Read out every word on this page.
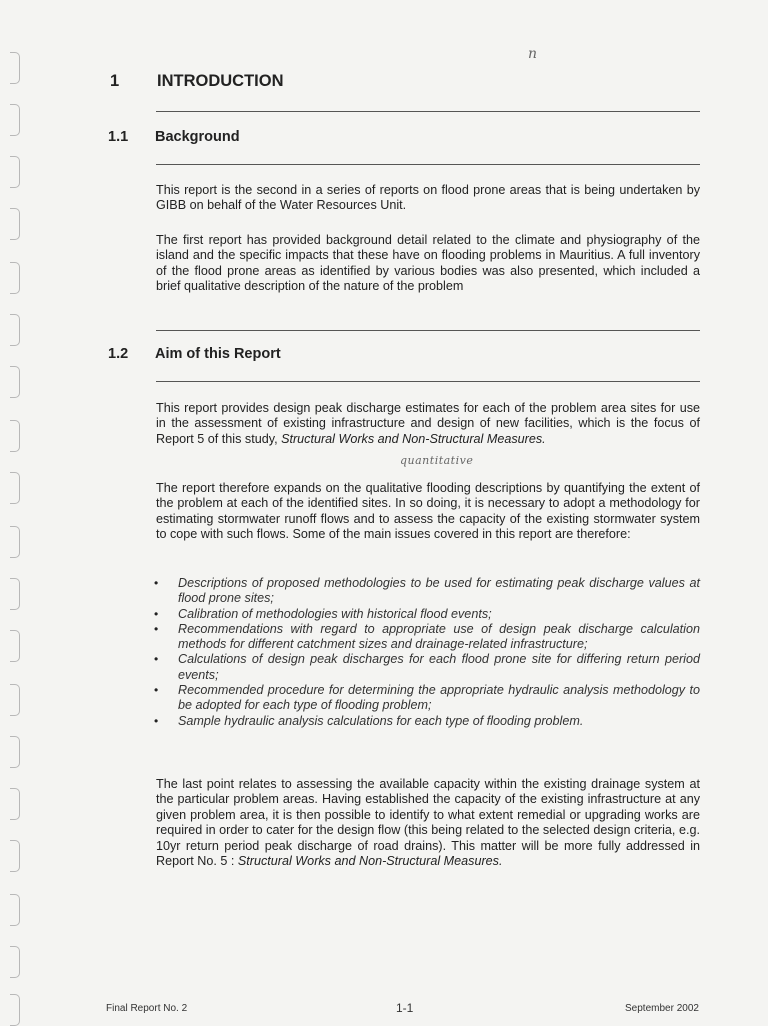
n
1 INTRODUCTION
1.1 Background

This report is the second in a series of reports on flood prone areas that is being undertaken by GIBB on behalf of the Water Resources Unit.

The first report has provided background detail related to the climate and physiography of the island and the specific impacts that these have on flooding problems in Mauritius. A full inventory of the flood prone areas as identified by various bodies was also presented, which included a brief qualitative description of the nature of the problem

1.2 Aim of this Report

This report provides design peak discharge estimates for each of the problem area sites for use in the assessment of existing infrastructure and design of new facilities, which is the focus of Report 5 of this study, Structural Works and Non-Structural Measures.

quantitative

The report therefore expands on the qualitative flooding descriptions by quantifying the extent of the problem at each of the identified sites. In so doing, it is necessary to adopt a methodology for estimating stormwater runoff flows and to assess the capacity of the existing stormwater system to cope with such flows. Some of the main issues covered in this report are therefore:

• Descriptions of proposed methodologies to be used for estimating peak discharge values at flood prone sites;
• Calibration of methodologies with historical flood events;
• Recommendations with regard to appropriate use of design peak discharge calculation methods for different catchment sizes and drainage-related infrastructure;
• Calculations of design peak discharges for each flood prone site for differing return period events;
• Recommended procedure for determining the appropriate hydraulic analysis methodology to be adopted for each type of flooding problem;
• Sample hydraulic analysis calculations for each type of flooding problem.

The last point relates to assessing the available capacity within the existing drainage system at the particular problem areas. Having established the capacity of the existing infrastructure at any given problem area, it is then possible to identify to what extent remedial or upgrading works are required in order to cater for the design flow (this being related to the selected design criteria, e.g. 10yr return period peak discharge of road drains). This matter will be more fully addressed in Report No. 5 : Structural Works and Non-Structural Measures.

Final Report No. 2	1-1	September 2002
